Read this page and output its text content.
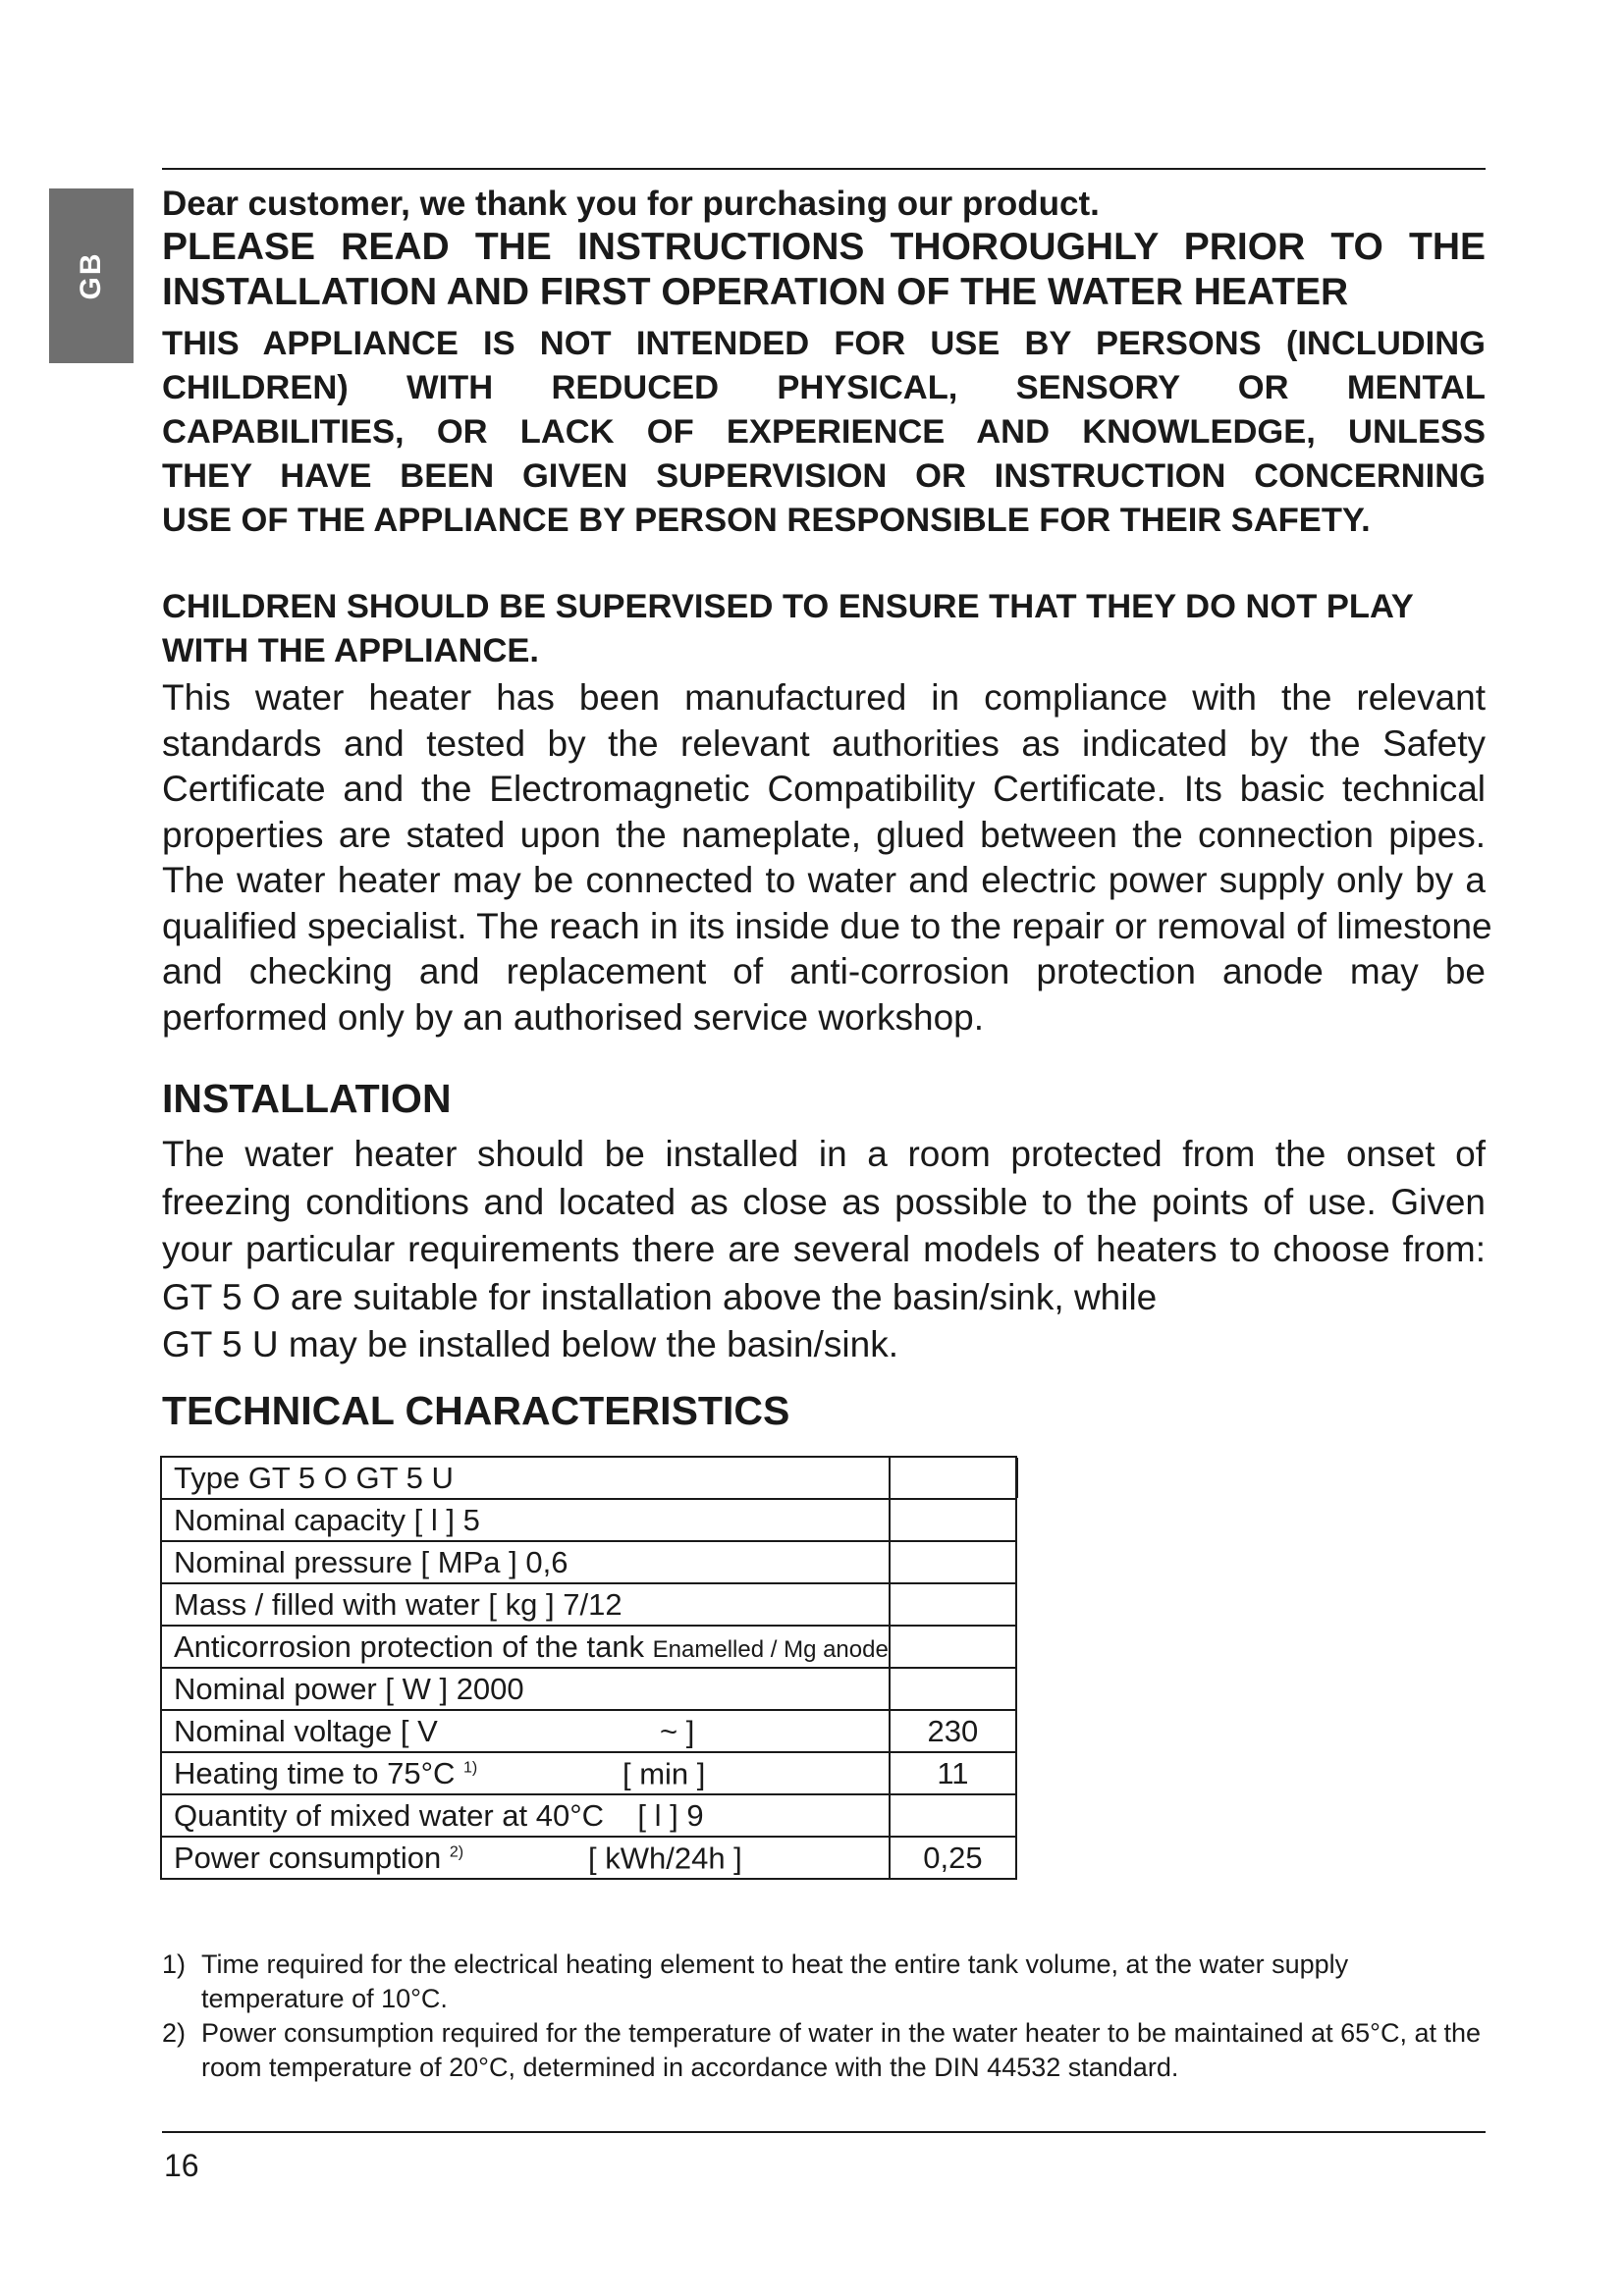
GB
Dear customer, we thank you for purchasing our product.
PLEASE READ THE INSTRUCTIONS THOROUGHLY PRIOR TO THE
INSTALLATION AND FIRST OPERATION OF THE WATER HEATER
THIS APPLIANCE IS NOT INTENDED FOR USE BY PERSONS (INCLUDING
CHILDREN) WITH REDUCED PHYSICAL, SENSORY OR MENTAL
CAPABILITIES, OR LACK OF EXPERIENCE AND KNOWLEDGE, UNLESS
THEY HAVE BEEN GIVEN SUPERVISION OR INSTRUCTION CONCERNING
USE OF THE APPLIANCE BY PERSON RESPONSIBLE FOR THEIR SAFETY.
CHILDREN SHOULD BE SUPERVISED TO ENSURE THAT THEY DO NOT PLAY
WITH THE APPLIANCE.
This water heater has been manufactured in compliance with the relevant
standards and tested by the relevant authorities as indicated by the Safety
Certificate and the Electromagnetic Compatibility Certificate. Its basic technical
properties are stated upon the nameplate, glued between the connection pipes.
The water heater may be connected to water and electric power supply only by a
qualified specialist. The reach in its inside due to the repair or removal of limestone
and checking and replacement of anti-corrosion protection anode may be
performed only by an authorised service workshop.
INSTALLATION
The water heater should be installed in a room protected from the onset of
freezing conditions and located as close as possible to the points of use. Given
your particular requirements there are several models of heaters to choose from:
GT 5 O are suitable for installation above the basin/sink, while
GT 5 U may be installed below the basin/sink.
TECHNICAL CHARACTERISTICS
Type GT 5 O GT 5 U	

Nominal capacity [ l ] 5	
Nominal pressure [ MPa ] 0,6	
Mass / filled with water [ kg ] 7/12	
Anticorrosion protection of the tank Enamelled / Mg anode	
Nominal power [ W ] 2000	
Nominal voltage [ V ~ ]	230
Heating time to 75°C $^{1)}$ [ min ]	11
Quantity of mixed water at 40°C    [ l ] 9	
Power consumption $^{2)}$ [ kWh/24h ]	0,25
1) Time required for the electrical heating element to heat the entire tank volume, at the water supply temperature of 10°C.
2) Power consumption required for the temperature of water in the water heater to be maintained at 65°C, at the room temperature of 20°C, determined in accordance with the DIN 44532 standard.
16
